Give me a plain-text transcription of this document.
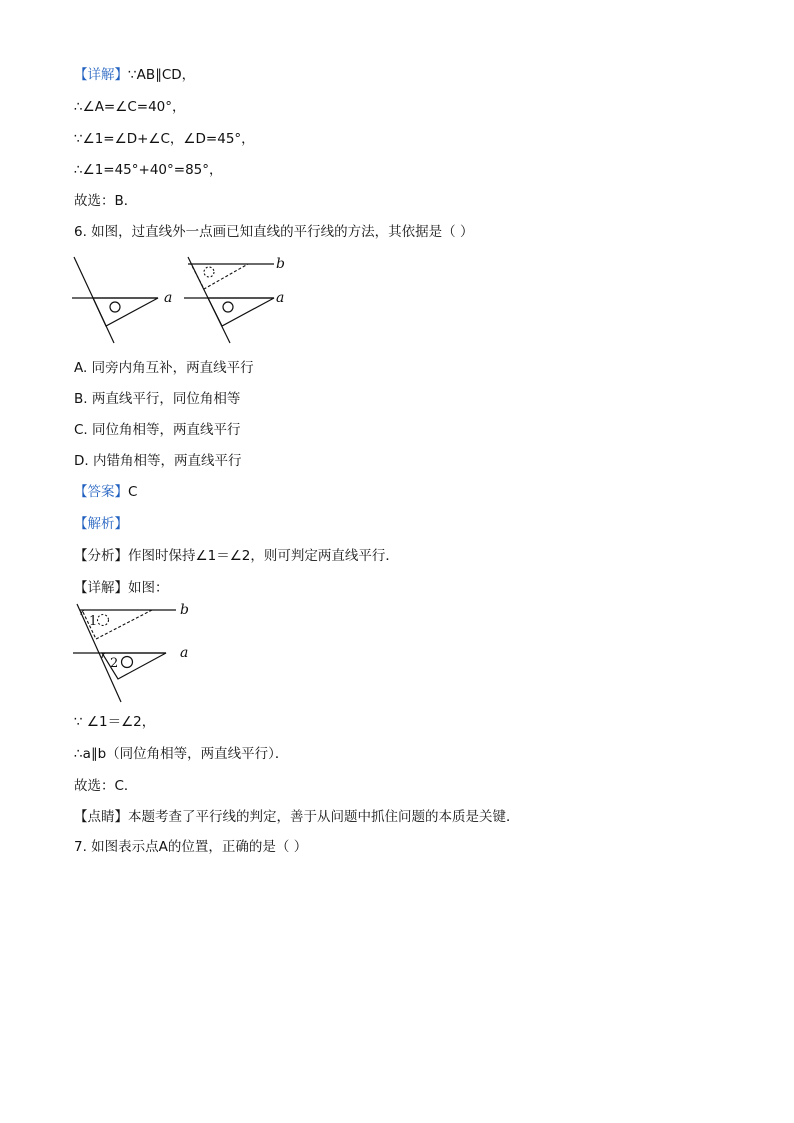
【详解】∵AB∥CD，
∴∠A=∠C=40°，
∵∠1=∠D+∠C，∠D=45°，
∴∠1=45°+40°=85°，
故选：B．
6. 如图，过直线外一点画已知直线的平行线的方法，其依据是（ ）
a
b
a
A. 同旁内角互补，两直线平行
B. 两直线平行，同位角相等
C. 同位角相等，两直线平行
D. 内错角相等，两直线平行
【答案】C
【解析】
【分析】作图时保持∠1＝∠2，则可判定两直线平行．
【详解】如图：
1
2
b
a
∵ ∠1＝∠2，
∴a∥b（同位角相等，两直线平行）．
故选：C．
【点睛】本题考查了平行线的判定，善于从问题中抓住问题的本质是关键．
7. 如图表示点A的位置，正确的是（ ）
